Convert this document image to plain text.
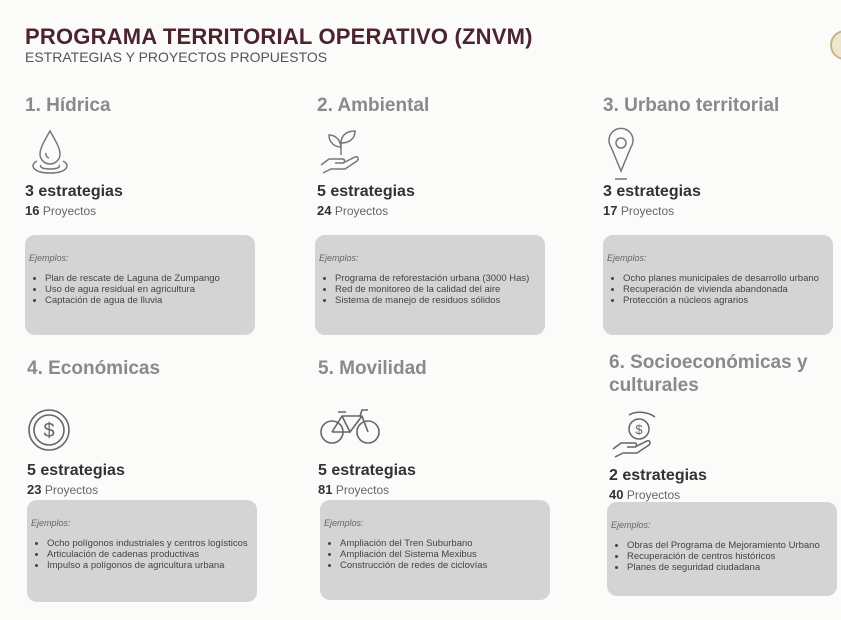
PROGRAMA TERRITORIAL OPERATIVO (ZNVM)
ESTRATEGIAS Y PROYECTOS PROPUESTOS
1. Hídrica
3 estrategias
16 Proyectos
Ejemplos:
• Plan de rescate de Laguna de Zumpango
• Uso de agua residual en agricultura
• Captación de agua de lluvia
2. Ambiental
5 estrategias
24 Proyectos
Ejemplos:
• Programa de reforestación urbana (3000 Has)
• Red de monitoreo de la calidad del aire
• Sistema de manejo de residuos sólidos
3. Urbano territorial
3 estrategias
17 Proyectos
Ejemplos:
• Ocho planes municipales de desarrollo urbano
• Recuperación de vivienda abandonada
• Protección a núcleos agrarios
4. Económicas
$
5 estrategias
23 Proyectos
Ejemplos:
• Ocho polígonos industriales y centros logísticos
• Articulación de cadenas productivas
• Impulso a polígonos de agricultura urbana
5. Movilidad
5 estrategias
81 Proyectos
Ejemplos:
• Ampliación del Tren Suburbano
• Ampliación del Sistema Mexibus
• Construcción de redes de ciclovías
6. Socioeconómicas y culturales
$
2 estrategias
40 Proyectos
Ejemplos:
• Obras del Programa de Mejoramiento Urbano
• Recuperación de centros históricos
• Planes de seguridad ciudadana
